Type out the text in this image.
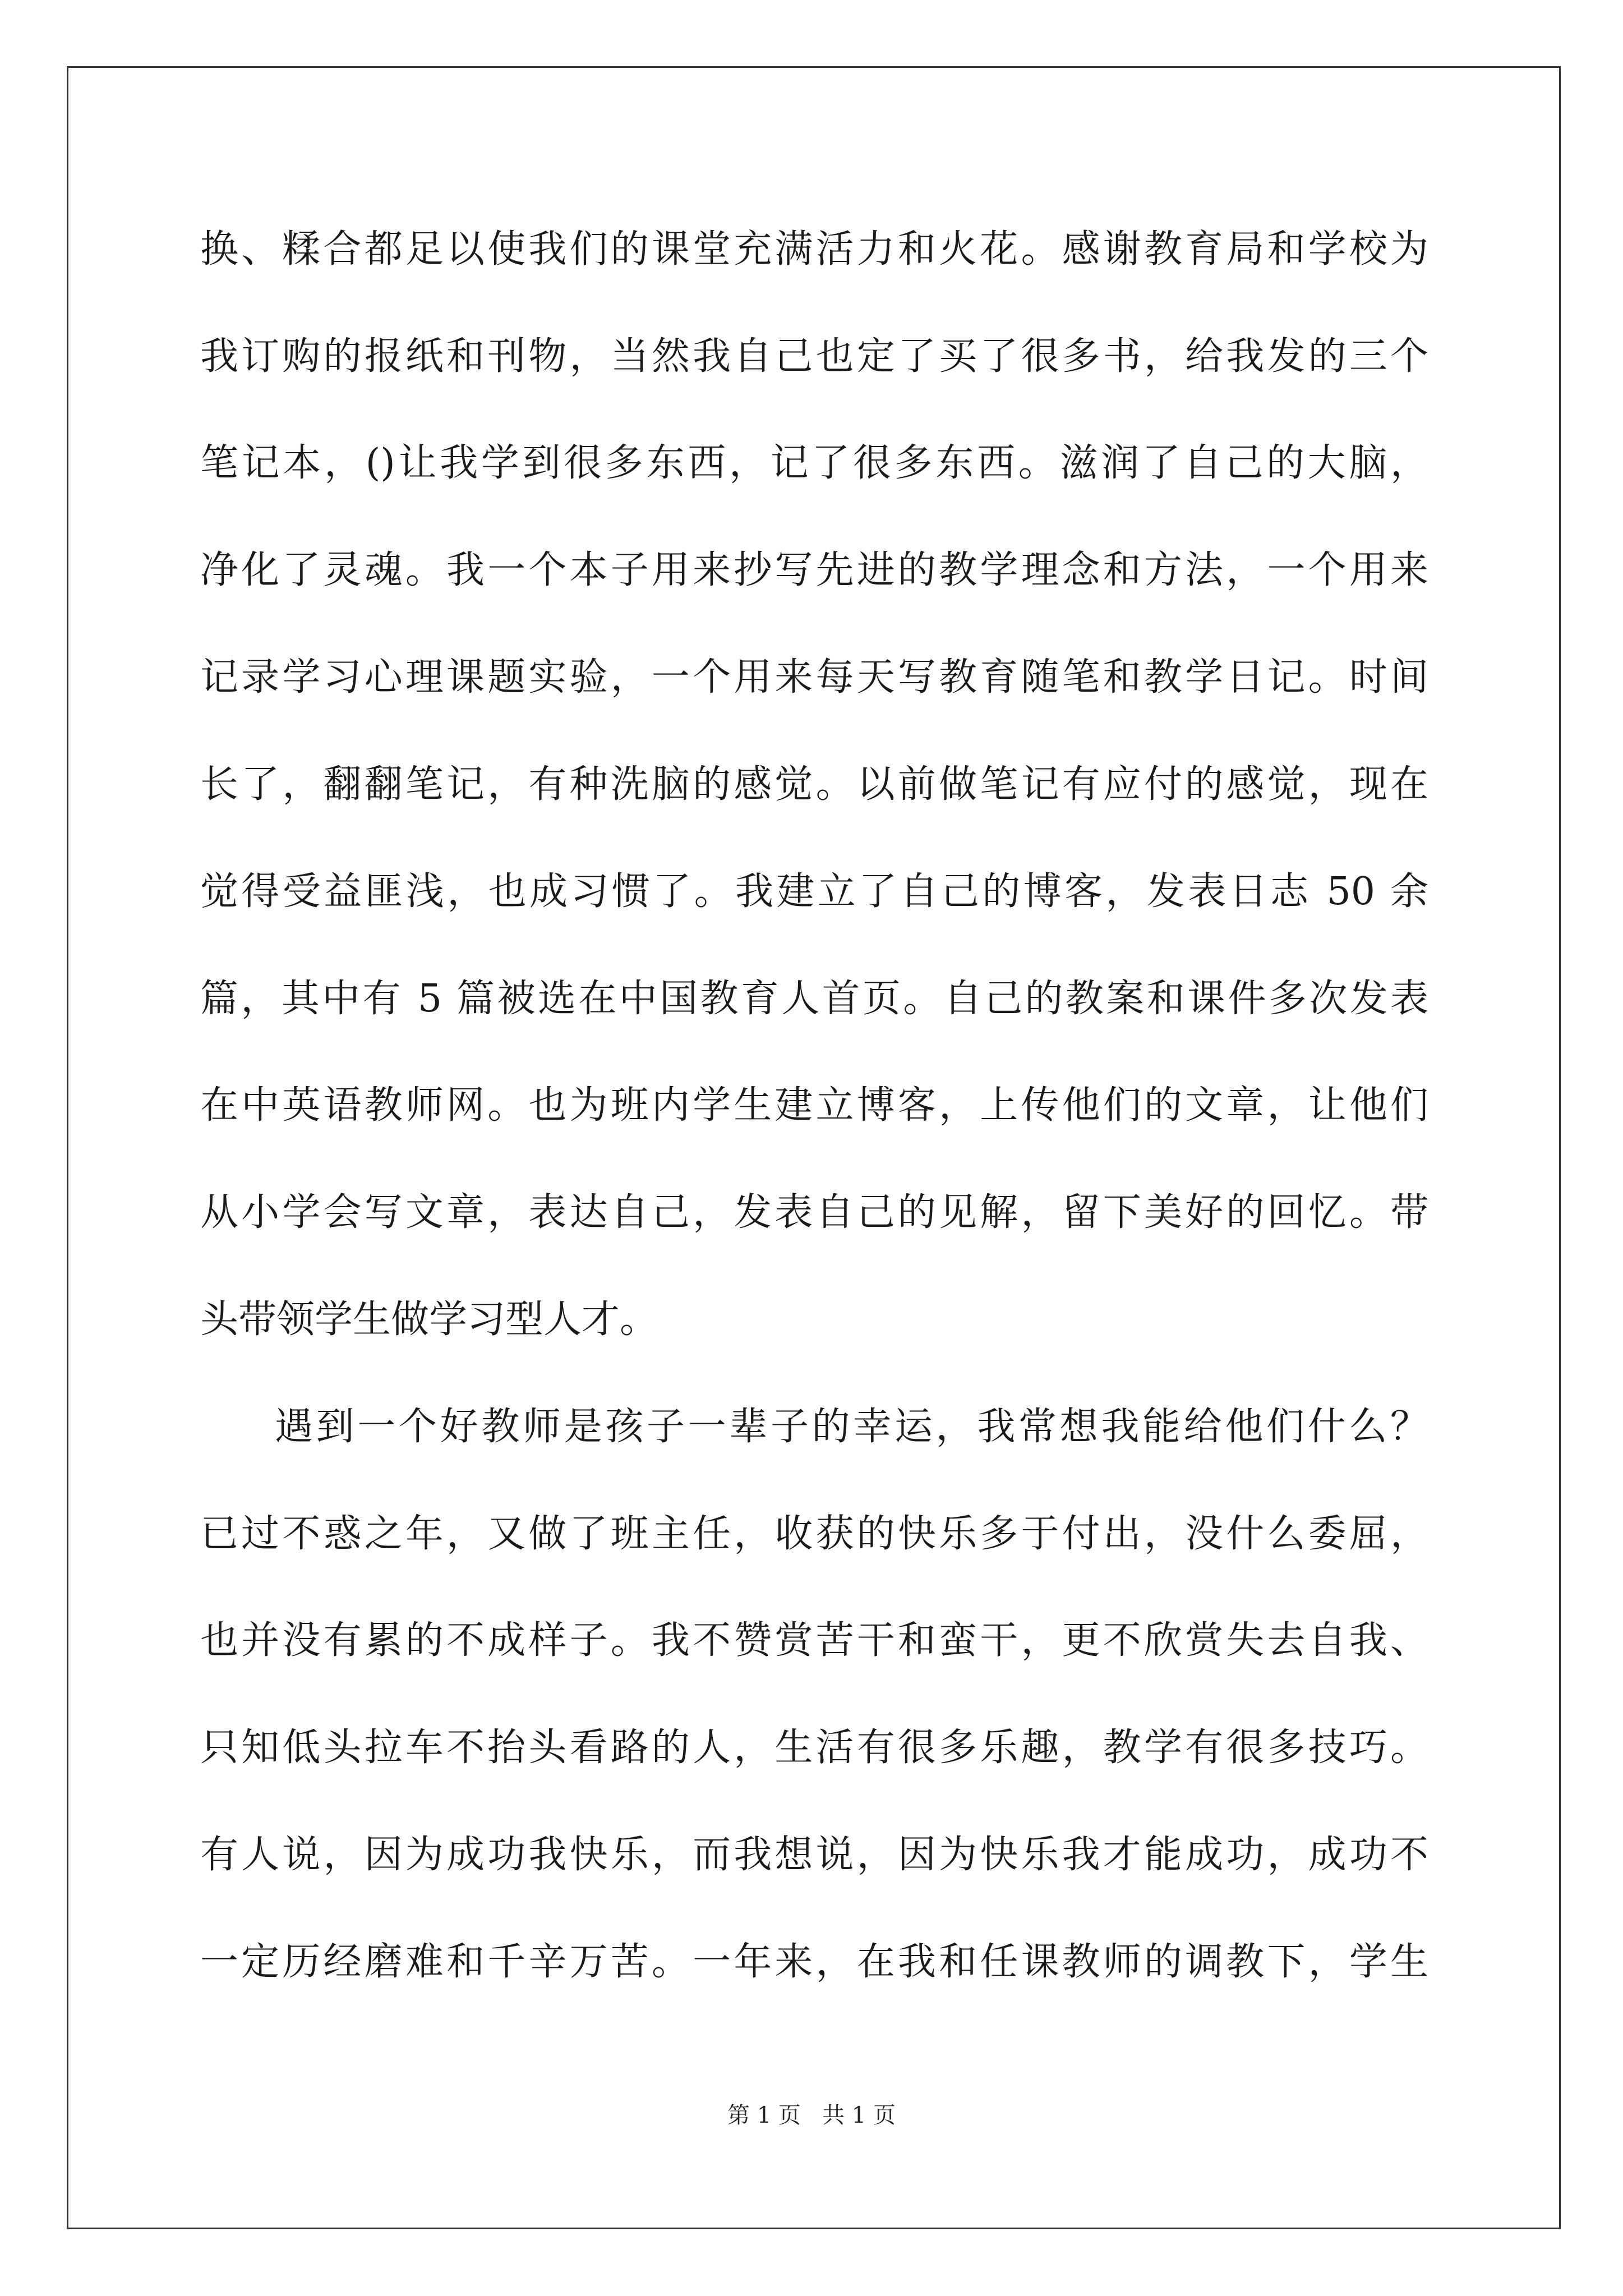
换、糅合都足以使我们的课堂充满活力和火花。感谢教育局和学校为
我订购的报纸和刊物，当然我自己也定了买了很多书，给我发的三个
笔记本，()让我学到很多东西，记了很多东西。滋润了自己的大脑，
净化了灵魂。我一个本子用来抄写先进的教学理念和方法，一个用来
记录学习心理课题实验，一个用来每天写教育随笔和教学日记。时间
长了，翻翻笔记，有种洗脑的感觉。以前做笔记有应付的感觉，现在
觉得受益匪浅，也成习惯了。我建立了自己的博客，发表日志 50 余
篇，其中有 5 篇被选在中国教育人首页。自己的教案和课件多次发表
在中英语教师网。也为班内学生建立博客，上传他们的文章，让他们
从小学会写文章，表达自己，发表自己的见解，留下美好的回忆。带
头带领学生做学习型人才。
遇到一个好教师是孩子一辈子的幸运，我常想我能给他们什么？
已过不惑之年，又做了班主任，收获的快乐多于付出，没什么委屈，
也并没有累的不成样子。我不赞赏苦干和蛮干，更不欣赏失去自我、
只知低头拉车不抬头看路的人，生活有很多乐趣，教学有很多技巧。
有人说，因为成功我快乐，而我想说，因为快乐我才能成功，成功不
一定历经磨难和千辛万苦。一年来，在我和任课教师的调教下，学生
第 1 页   共 1 页
